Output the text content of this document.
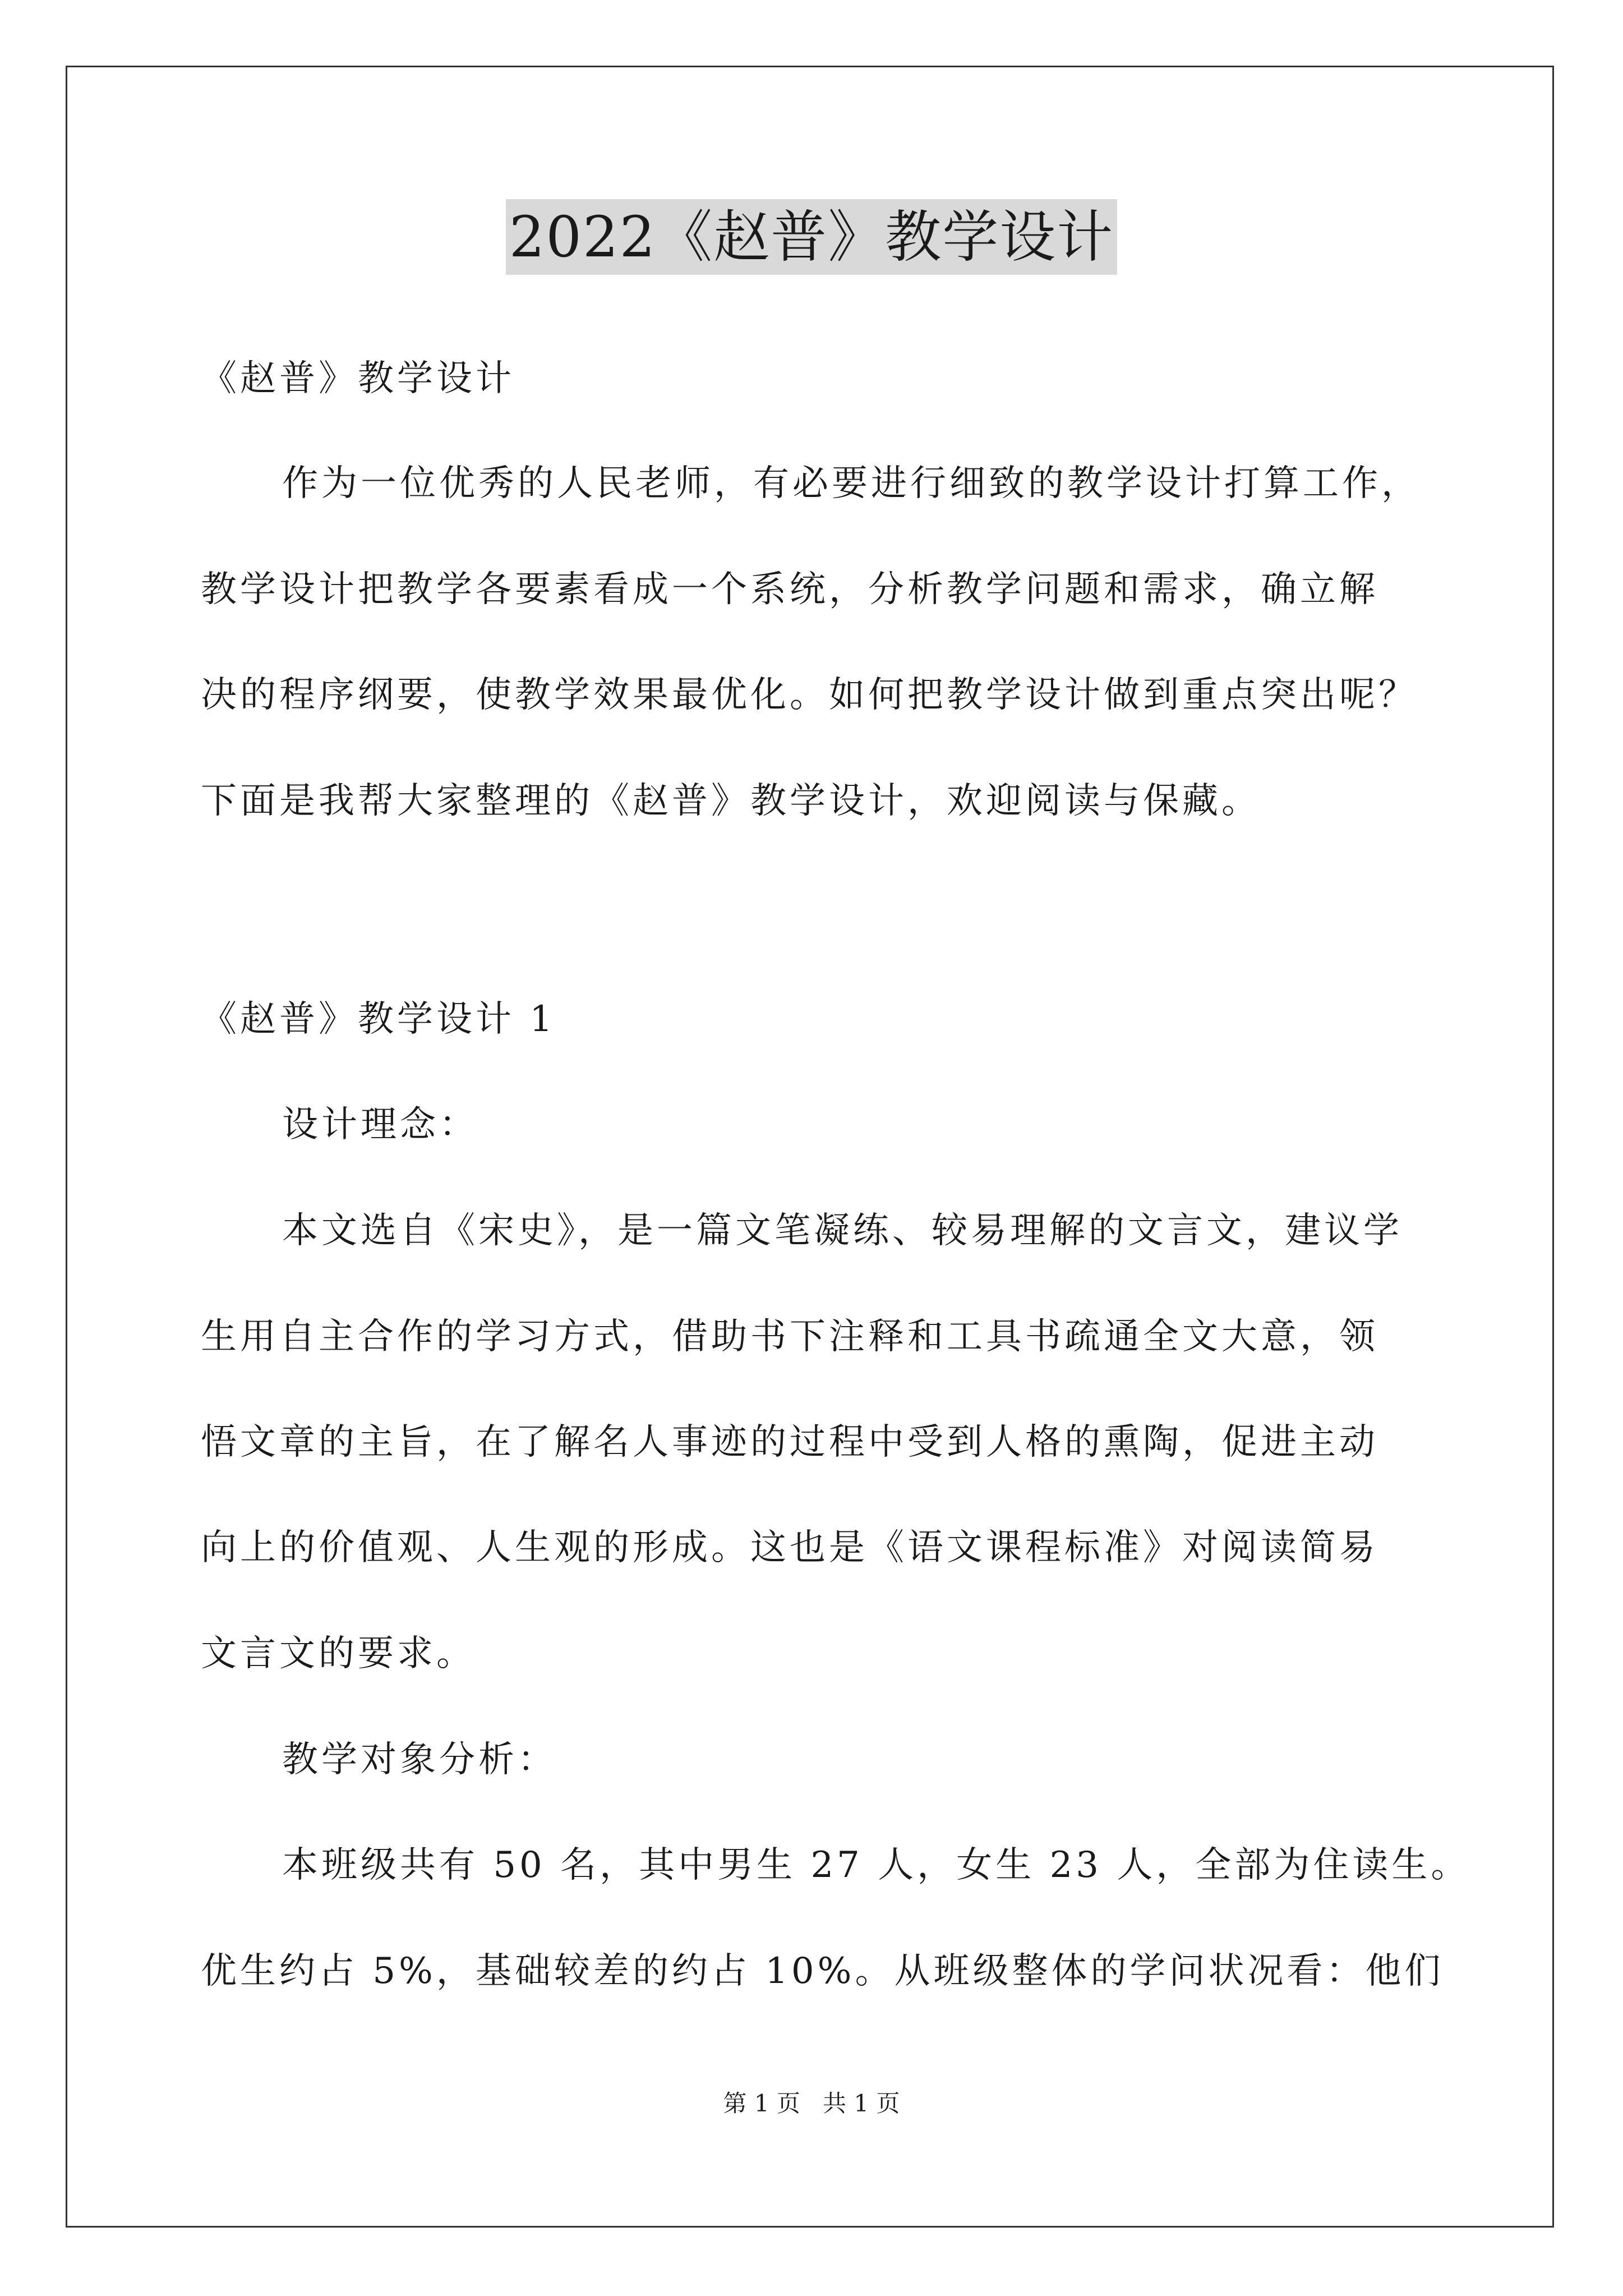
2022《赵普》教学设计
《赵普》教学设计
作为一位优秀的人民老师，有必要进行细致的教学设计打算工作，
教学设计把教学各要素看成一个系统，分析教学问题和需求，确立解
决的程序纲要，使教学效果最优化。如何把教学设计做到重点突出呢？
下面是我帮大家整理的《赵普》教学设计，欢迎阅读与保藏。
《赵普》教学设计 1
设计理念：
本文选自《宋史》，是一篇文笔凝练、较易理解的文言文，建议学
生用自主合作的学习方式，借助书下注释和工具书疏通全文大意，领
悟文章的主旨，在了解名人事迹的过程中受到人格的熏陶，促进主动
向上的价值观、人生观的形成。这也是《语文课程标准》对阅读简易
文言文的要求。
教学对象分析：
本班级共有 50 名，其中男生 27 人，女生 23 人，全部为住读生。
优生约占 5%，基础较差的约占 10%。从班级整体的学问状况看：他们
第 1 页   共 1 页
